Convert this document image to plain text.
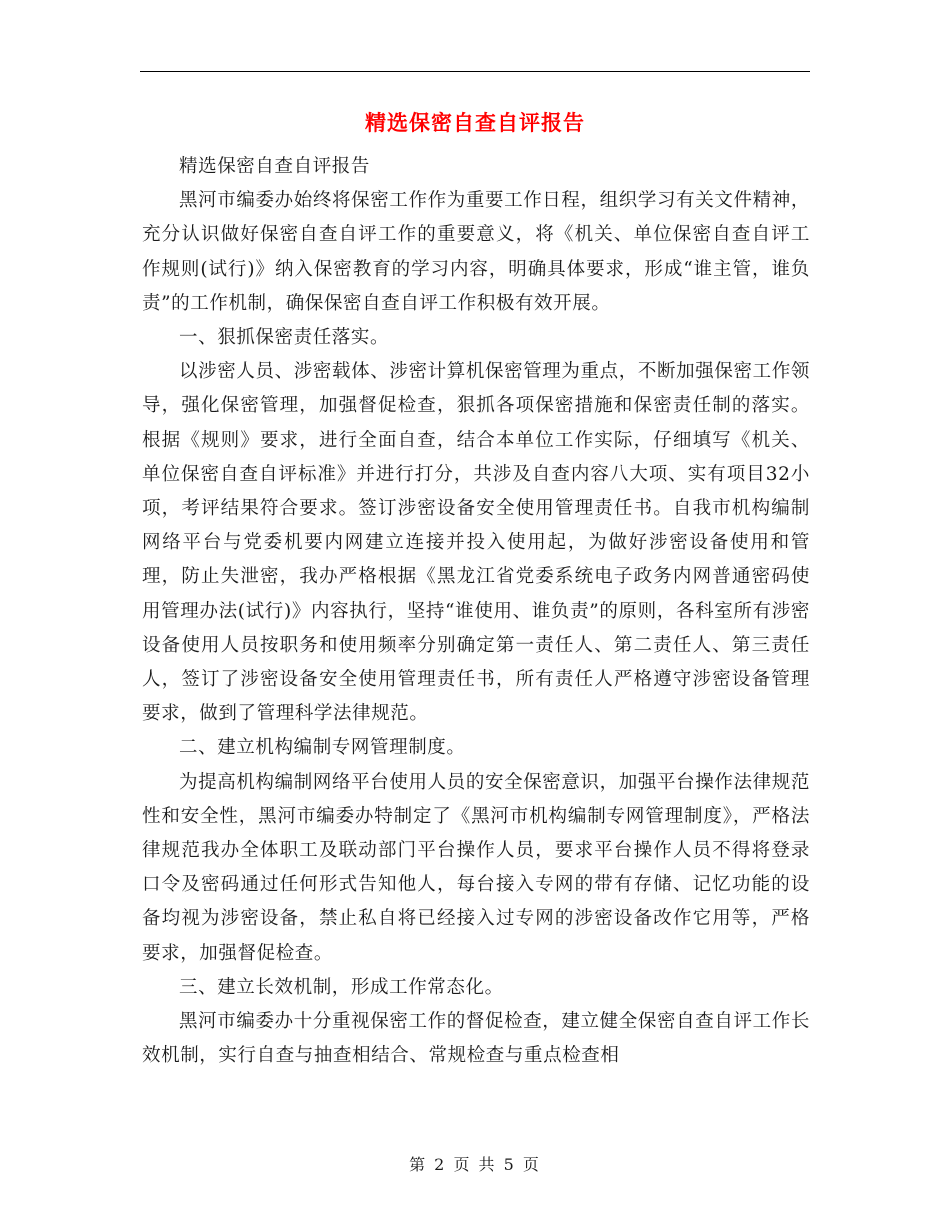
精选保密自查自评报告

精选保密自查自评报告

黑河市编委办始终将保密工作作为重要工作日程，组织学习有关文件精神，充分认识做好保密自查自评工作的重要意义，将《机关、单位保密自查自评工作规则(试行)》纳入保密教育的学习内容，明确具体要求，形成“谁主管，谁负责”的工作机制，确保保密自查自评工作积极有效开展。

一、狠抓保密责任落实。

以涉密人员、涉密载体、涉密计算机保密管理为重点，不断加强保密工作领导，强化保密管理，加强督促检查，狠抓各项保密措施和保密责任制的落实。根据《规则》要求，进行全面自查，结合本单位工作实际，仔细填写《机关、单位保密自查自评标准》并进行打分，共涉及自查内容八大项、实有项目32小项，考评结果符合要求。签订涉密设备安全使用管理责任书。自我市机构编制网络平台与党委机要内网建立连接并投入使用起，为做好涉密设备使用和管理，防止失泄密，我办严格根据《黑龙江省党委系统电子政务内网普通密码使用管理办法(试行)》内容执行，坚持“谁使用、谁负责”的原则，各科室所有涉密设备使用人员按职务和使用频率分别确定第一责任人、第二责任人、第三责任人，签订了涉密设备安全使用管理责任书，所有责任人严格遵守涉密设备管理要求，做到了管理科学法律规范。

二、建立机构编制专网管理制度。

为提高机构编制网络平台使用人员的安全保密意识，加强平台操作法律规范性和安全性，黑河市编委办特制定了《黑河市机构编制专网管理制度》，严格法律规范我办全体职工及联动部门平台操作人员，要求平台操作人员不得将登录口令及密码通过任何形式告知他人，每台接入专网的带有存储、记忆功能的设备均视为涉密设备，禁止私自将已经接入过专网的涉密设备改作它用等，严格要求，加强督促检查。

三、建立长效机制，形成工作常态化。

黑河市编委办十分重视保密工作的督促检查，建立健全保密自查自评工作长效机制，实行自查与抽查相结合、常规检查与重点检查相

第 2 页 共 5 页
